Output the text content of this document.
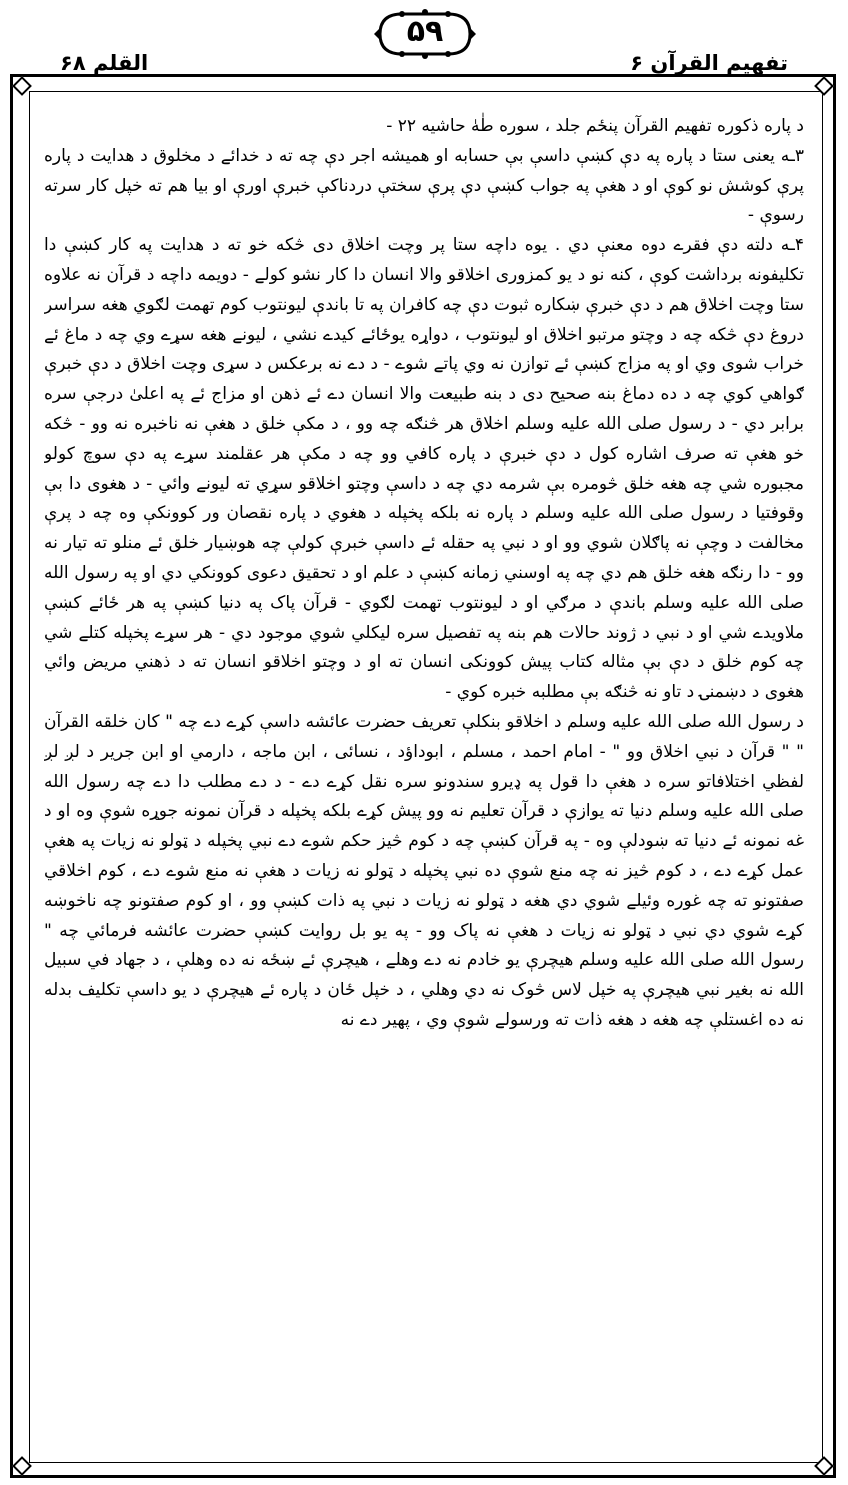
۵۹
تفهیم القرآن ۶
القلم ۶۸

د پاره ذکوره تفهیم القرآن پنځم جلد ، سوره طٰهٰ حاشیه ۲۲ -

۳ـه یعنی ستا د پاره په دې کښې داسې بې حسابه او همیشه اجر دې چه ته د خدائے د مخلوق د هدایت د پاره پرې کوشش نو کوې او د هغې په جواب کښې دې پرې سختې دردناکې خبرې اورې او بیا هم ته خپل کار سرته رسوې -

۴ـه دلته دې فقرے دوه معنې دي . یوه داچه ستا پر وچت اخلاق دی څکه خو ته د هدایت په کار کښې دا تکلیفونه برداشت کوې ، کنه نو د یو کمزوری اخلاقو والا انسان دا کار نشو کولے - دویمه داچه د قرآن نه علاوه ستا وچت اخلاق هم د دې خبرې ښکاره ثبوت دې چه کافران په تا باندې لیونتوب کوم تهمت لګوي هغه سراسر دروغ دې څکه چه د وچتو مرتبو اخلاق او لیونتوب ، دواړه یوځائے کیدے نشي ، لیونے هغه سړے وي چه د ماغ ئے خراب شوی وي او په مزاج کښې ئے توازن نه وي پاتے شوے - د دے نه برعکس د سړی وچت اخلاق د دې خبرې ګواهي کوي چه د ده دماغ بنه صحیح دی د بنه طبیعت والا انسان دے ئے ذهن او مزاج ئے په اعلیٰ درجې سره برابر دي - د رسول صلی الله علیه وسلم اخلاق هر څنګه چه وو ، د مکې خلق د هغې نه ناخبره نه وو - څکه خو هغې ته صرف اشاره کول د دې خبرې د پاره کافي وو چه د مکې هر عقلمند سړے په دې سوچ کولو مجبوره شي چه هغه خلق څومره بې شرمه دي چه د داسې وچتو اخلاقو سړي ته لیونے وائي - د هغوی دا بې وقوفتیا د رسول صلی الله علیه وسلم د پاره نه بلکه پخپله د هغوي د پاره نقصان ور کوونکې وه چه د پرې مخالفت د وچې نه پاګلان شوي وو او د نبي په حقله ئے داسې خبرې کولې چه هوښیار خلق ئے منلو ته تیار نه وو - دا رنګه هغه خلق هم دي چه په اوسني زمانه کښې د علم او د تحقیق دعوی کوونکي دي او په رسول الله صلی الله علیه وسلم باندې د مرګي او د لیونتوب تهمت لګوي - قرآن پاک په دنیا کښې په هر ځائے کښې ملاویدے شي او د نبي د ژوند حالات هم بنه په تفصیل سره لیکلي شوي موجود دي - هر سړے پخپله کتلے شي چه کوم خلق د دې بې مثاله کتاب پیش کوونکی انسان ته او د وچتو اخلاقو انسان ته د ذهني مریض وائي هغوی د دښمنۍ د تاو نه څنګه بې مطلبه خبره کوي -

د رسول الله صلی الله علیه وسلم د اخلاقو بنکلې تعریف حضرت عائشه داسې کړے دے چه " کان خلقه القرآن " " قرآن د نبي اخلاق وو " - امام احمد ، مسلم ، ابوداؤد ، نسائی ، ابن ماجه ، دارمي او ابن جریر د لږ لږ لفظي اختلافاتو سره د هغې دا قول په ډیرو سندونو سره نقل کړے دے - د دے مطلب دا دے چه رسول الله صلی الله علیه وسلم دنیا ته یوازې د قرآن تعلیم نه وو پیش کړے بلکه پخپله د قرآن نمونه جوړه شوې وه او د غه نمونه ئے دنیا ته ښودلې وه - په قرآن کښې چه د کوم څیز حکم شوے دے نبي پخپله د ټولو نه زیات په هغې عمل کړے دے ، د کوم څیز نه چه منع شوې ده نبي پخپله د ټولو نه زیات د هغې نه منع شوے دے ، کوم اخلاقي صفتونو ته چه غوره وئیلے شوي دي هغه د ټولو نه زیات د نبي په ذات کښې وو ، او کوم صفتونو چه ناخوښه کړے شوي دي نبي د ټولو نه زیات د هغې نه پاک وو - په یو بل روایت کښې حضرت عائشه فرمائي چه " رسول الله صلی الله علیه وسلم هیچرې یو خادم نه دے وهلے ، هیچرې ئے ښځه نه ده وهلې ، د جهاد في سبیل الله نه بغیر نبي هیچرې په خپل لاس څوک نه دي وهلي ، د خپل ځان د پاره ئے هیچرې د یو داسې تکلیف بدله نه ده اغستلې چه هغه د هغه ذات ته ورسولے شوې وي ، پهیر دے نه
